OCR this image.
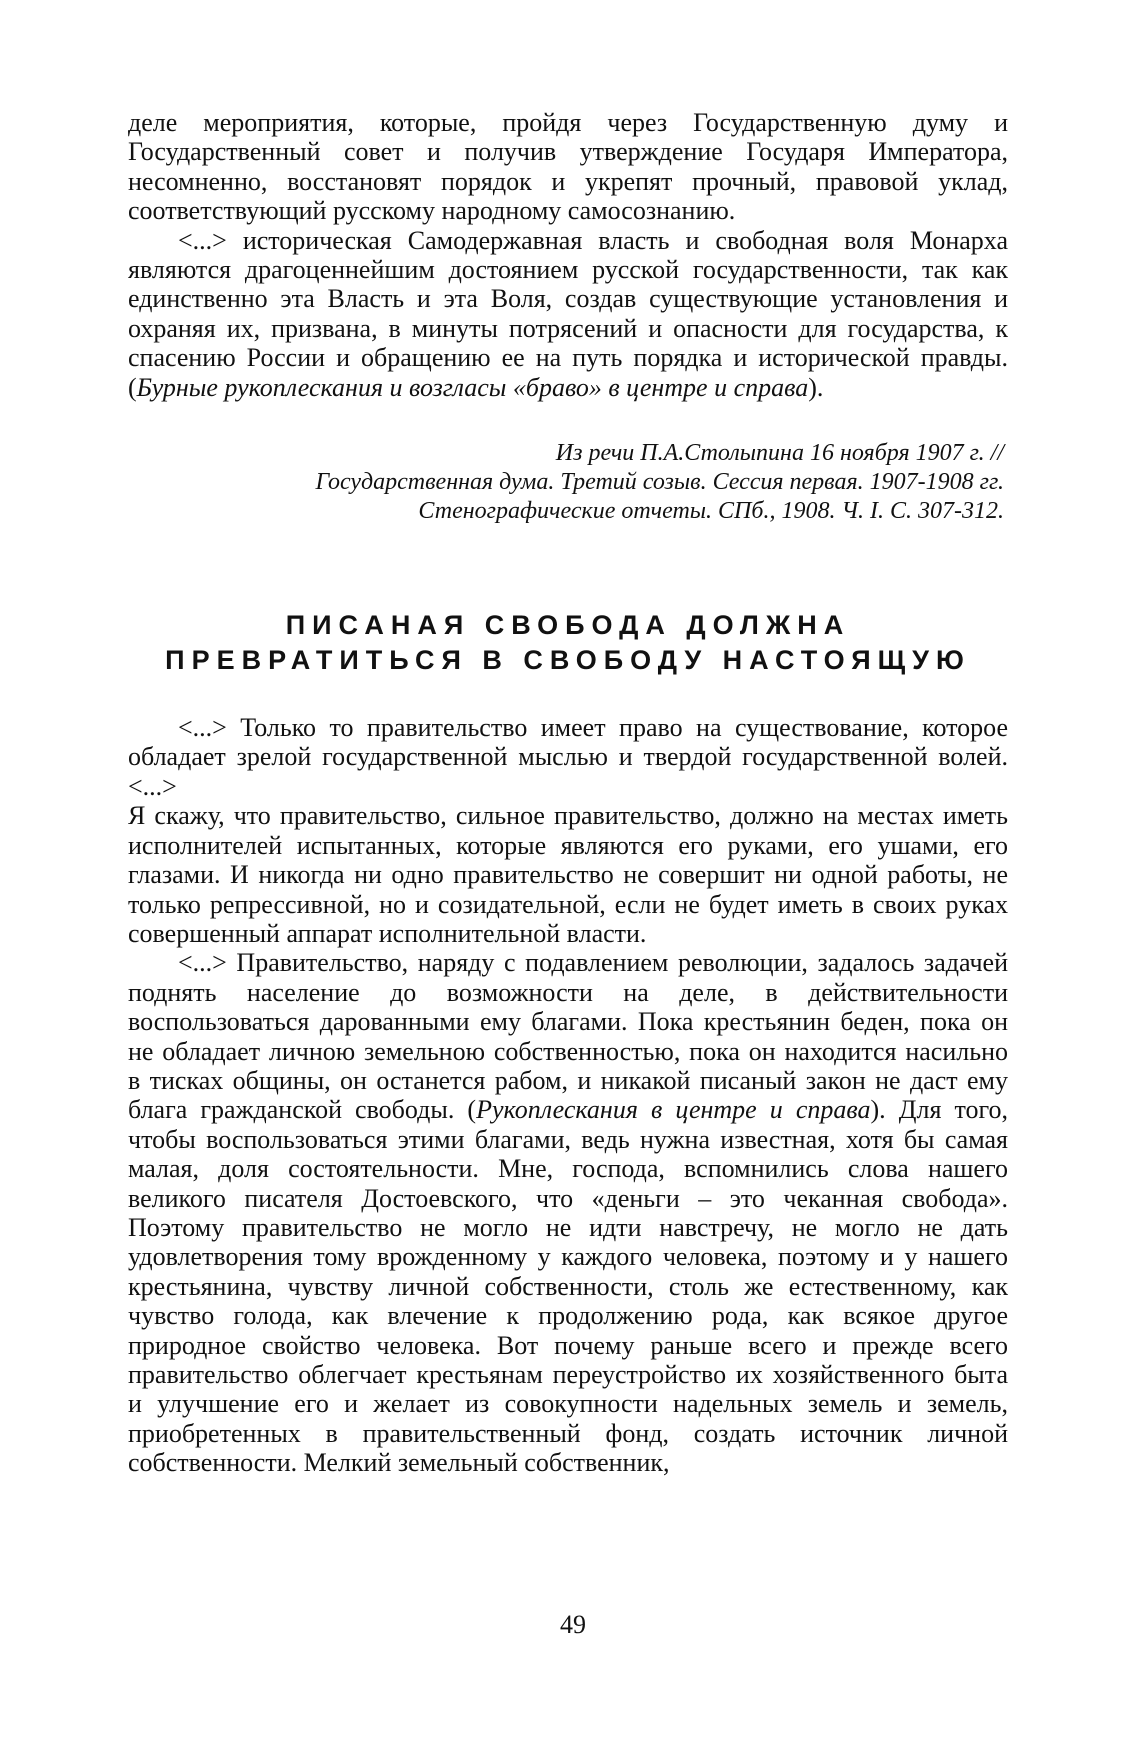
деле мероприятия, которые, пройдя через Государственную думу и Государственный совет и получив утверждение Государя Императора, несомненно, восстановят порядок и укрепят прочный, правовой уклад, соответствующий русскому народному самосознанию.

<...> историческая Самодержавная власть и свободная воля Монарха являются драгоценнейшим достоянием русской государственности, так как единственно эта Власть и эта Воля, создав существующие установления и охраняя их, призвана, в минуты потрясений и опасности для государства, к спасению России и обращению ее на путь порядка и исторической правды. (Бурные рукоплескания и возгласы «браво» в центре и справа).

Из речи П.А.Столыпина 16 ноября 1907 г. //
Государственная дума. Третий созыв. Сессия первая. 1907-1908 гг.
Стенографические отчеты. СПб., 1908. Ч. I. С. 307-312.
ПИСАНАЯ СВОБОДА ДОЛЖНА
ПРЕВРАТИТЬСЯ В СВОБОДУ НАСТОЯЩУЮ

<...> Только то правительство имеет право на существование, которое обладает зрелой государственной мыслью и твердой государственной волей. <...>

Я скажу, что правительство, сильное правительство, должно на местах иметь исполнителей испытанных, которые являются его руками, его ушами, его глазами. И никогда ни одно правительство не совершит ни одной работы, не только репрессивной, но и созидательной, если не будет иметь в своих руках совершенный аппарат исполнительной власти.

<...> Правительство, наряду с подавлением революции, задалось задачей поднять население до возможности на деле, в действительности воспользоваться дарованными ему благами. Пока крестьянин беден, пока он не обладает личною земельною собственностью, пока он находится насильно в тисках общины, он останется рабом, и никакой писаный закон не даст ему блага гражданской свободы. (Рукоплескания в центре и справа). Для того, чтобы воспользоваться этими благами, ведь нужна известная, хотя бы самая малая, доля состоятельности. Мне, господа, вспомнились слова нашего великого писателя Достоевского, что «деньги – это чеканная свобода». Поэтому правительство не могло не идти навстречу, не могло не дать удовлетворения тому врожденному у каждого человека, поэтому и у нашего крестьянина, чувству личной собственности, столь же естественному, как чувство голода, как влечение к продолжению рода, как всякое другое природное свойство человека. Вот почему раньше всего и прежде всего правительство облегчает крестьянам переустройство их хозяйственного быта и улучшение его и желает из совокупности надельных земель и земель, приобретенных в правительственный фонд, создать источник личной собственности. Мелкий земельный собственник,

49
